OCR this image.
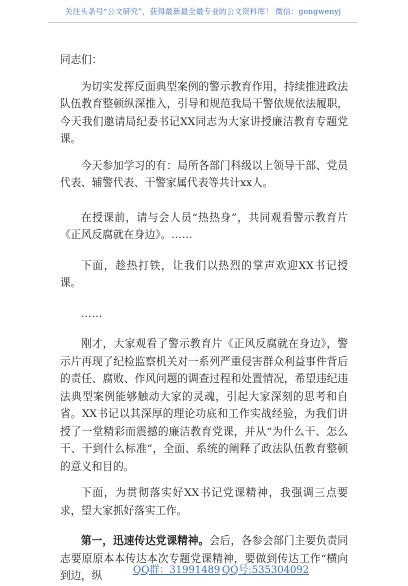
关注头条号“公文研究”，获得最新最全最专业的公文资料库！ 微信：gongwenyj

同志们：

为切实发挥反面典型案例的警示教育作用，持续推进政法队伍教育整顿纵深推入，引导和规范我局干警依规依法履职，今天我们邀请局纪委书记XX同志为大家讲授廉洁教育专题党课。

今天参加学习的有：局所各部门科级以上领导干部、党员代表、辅警代表、干警家属代表等共计xx人。

在授课前，请与会人员“热热身”，共同观看警示教育片《正风反腐就在身边》。……

下面，趁热打铁，让我们以热烈的掌声欢迎XX书记授课。

……

刚才，大家观看了警示教育片《正风反腐就在身边》，警示片再现了纪检监察机关对一系列严重侵害群众利益事件背后的责任、腐败、作风问题的调查过程和处置情况，希望违纪违法典型案例能够触动大家的灵魂，引起大家深刻的思考和自省。XX书记以其深厚的理论功底和工作实战经验，为我们讲授了一堂精彩而震撼的廉洁教育党课，并从“为什么干、怎么干、干到什么标准”，全面、系统的阐释了政法队伍教育整顿的意义和目的。

下面，为贯彻落实好XX书记党课精神，我强调三点要求，望大家抓好落实工作。

第一，迅速传达党课精神。会后，各参会部门主要负责同志要原原本本传达本次专题党课精神，要做到传达工作“横向到边，纵	QQ群：31991489 QQ号:535304092
